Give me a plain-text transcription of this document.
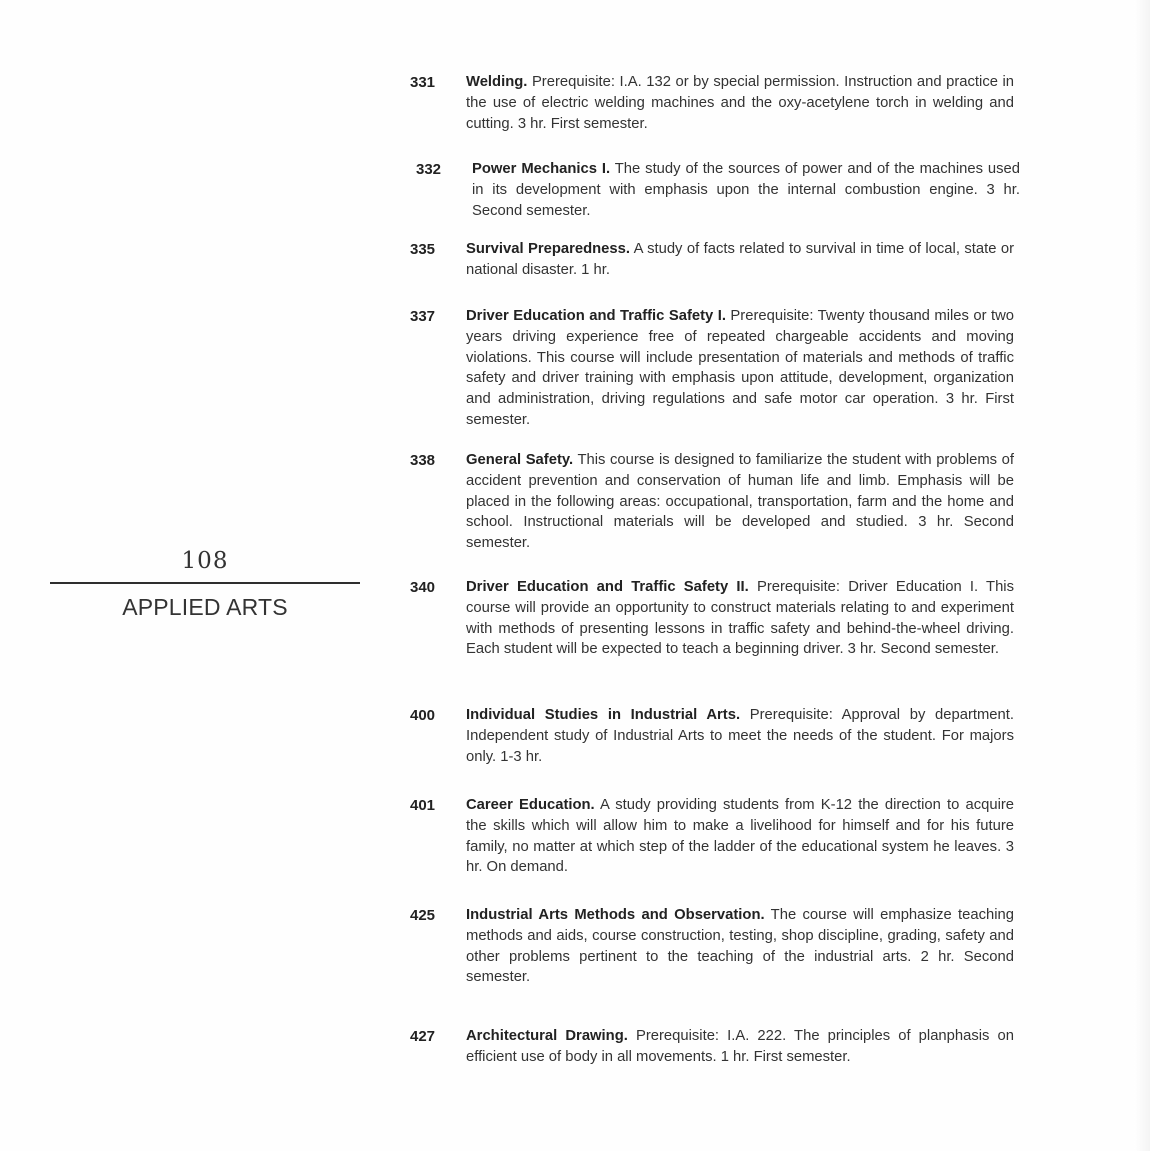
108
APPLIED ARTS
331	Welding. Prerequisite: I.A. 132 or by special permission. Instruction and practice in the use of electric welding machines and the oxy-acetylene torch in welding and cutting. 3 hr. First semester.
332	Power Mechanics I. The study of the sources of power and of the machines used in its development with emphasis upon the internal combustion engine. 3 hr. Second semester.
335	Survival Preparedness. A study of facts related to survival in time of local, state or national disaster. 1 hr.
337	Driver Education and Traffic Safety I. Prerequisite: Twenty thousand miles or two years driving experience free of repeated chargeable accidents and moving violations. This course will include presentation of materials and methods of traffic safety and driver training with emphasis upon attitude, development, organization and administration, driving regulations and safe motor car operation. 3 hr. First semester.
338	General Safety. This course is designed to familiarize the student with problems of accident prevention and conservation of human life and limb. Emphasis will be placed in the following areas: occupational, transportation, farm and the home and school. Instructional materials will be developed and studied. 3 hr. Second semester.
340	Driver Education and Traffic Safety II. Prerequisite: Driver Education I. This course will provide an opportunity to construct materials relating to and experiment with methods of presenting lessons in traffic safety and behind-the-wheel driving. Each student will be expected to teach a beginning driver. 3 hr. Second semester.
400	Individual Studies in Industrial Arts. Prerequisite: Approval by department. Independent study of Industrial Arts to meet the needs of the student. For majors only. 1-3 hr.
401	Career Education. A study providing students from K-12 the direction to acquire the skills which will allow him to make a livelihood for himself and for his future family, no matter at which step of the ladder of the educational system he leaves. 3 hr. On demand.
425	Industrial Arts Methods and Observation. The course will emphasize teaching methods and aids, course construction, testing, shop discipline, grading, safety and other problems pertinent to the teaching of the industrial arts. 2 hr. Second semester.
427	Architectural Drawing. Prerequisite: I.A. 222. The principles of planphasis on efficient use of body in all movements. 1 hr. First semester.
